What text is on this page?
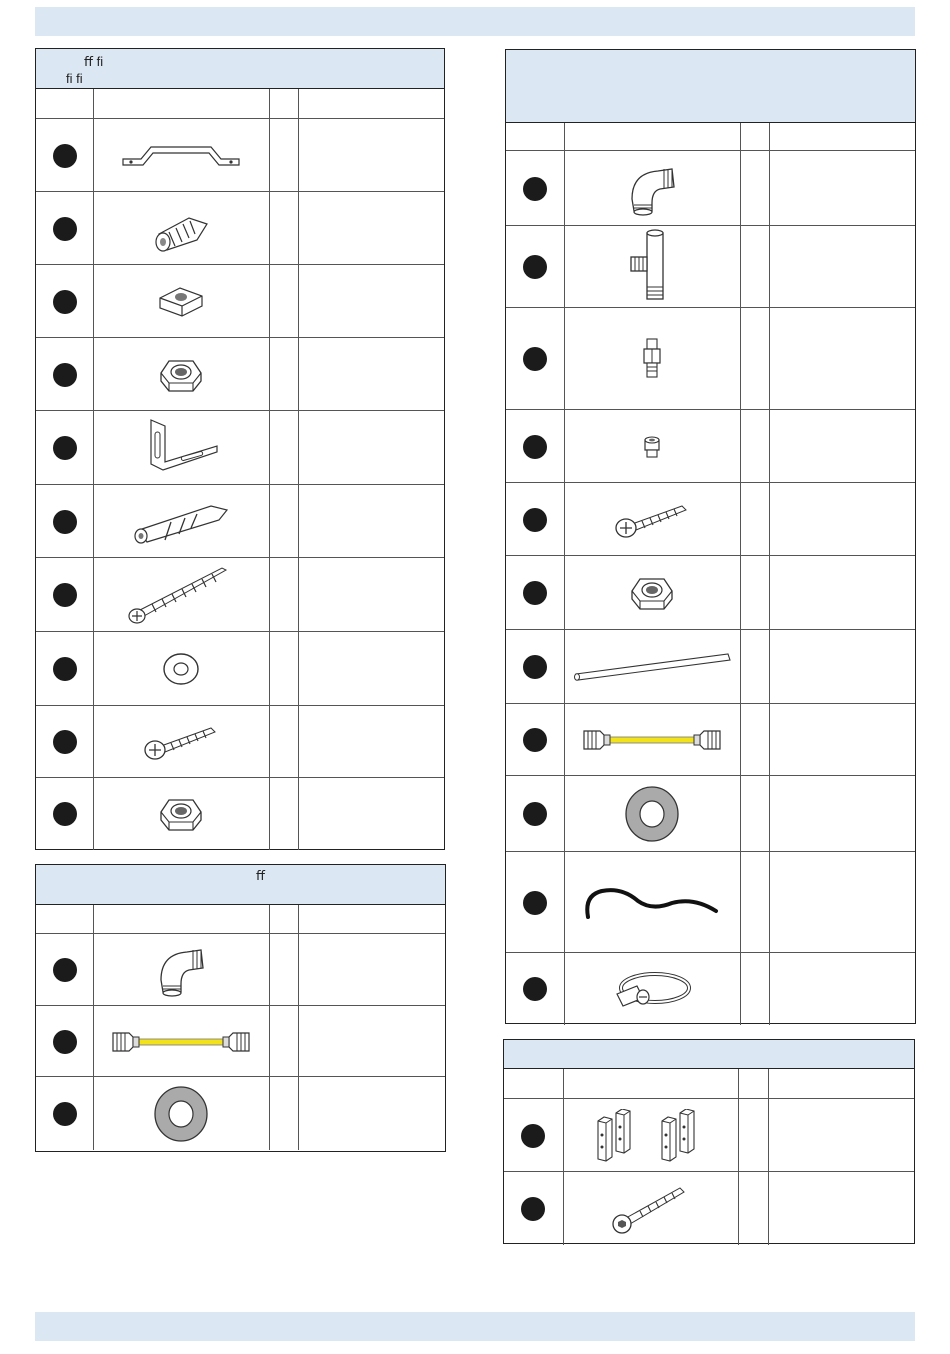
ﬀ ﬁ
ﬁ ﬁ
ﬀ
